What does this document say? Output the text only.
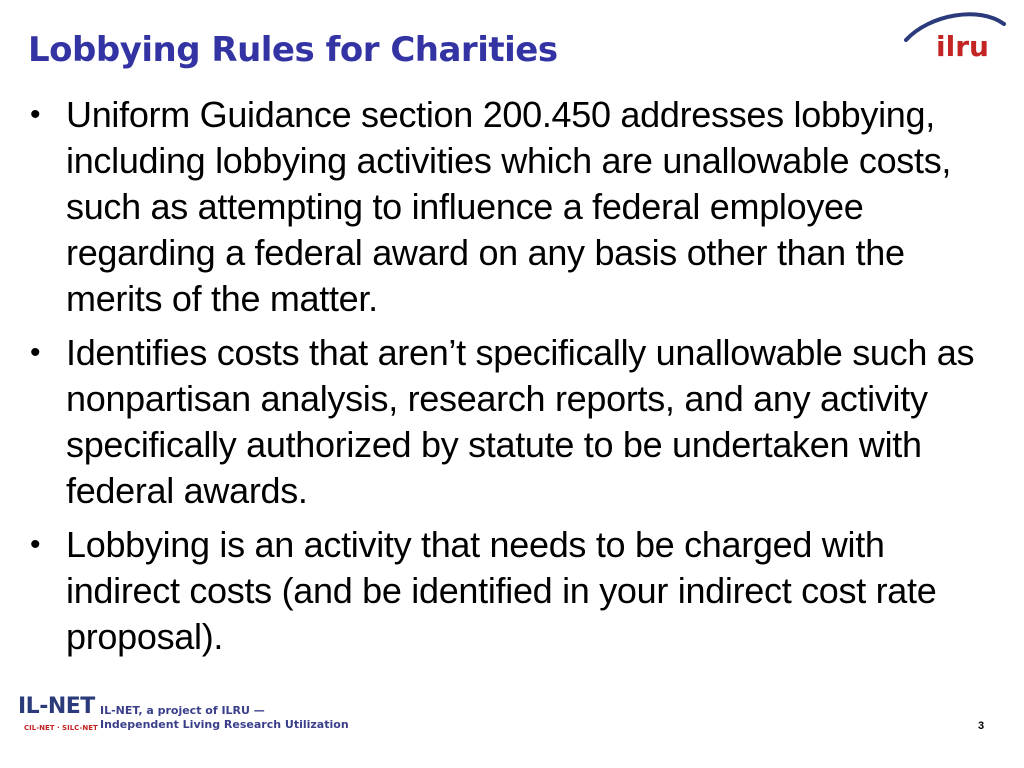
Lobbying Rules for Charities	ilru
• Uniform Guidance section 200.450 addresses lobbying, including lobbying activities which are unallowable costs, such as attempting to influence a federal employee regarding a federal award on any basis other than the merits of the matter.
• Identifies costs that aren’t specifically unallowable such as nonpartisan analysis, research reports, and any activity specifically authorized by statute to be undertaken with federal awards.
• Lobbying is an activity that needs to be charged with indirect costs (and be identified in your indirect cost rate proposal).
IL-NET
CIL-NET · SILC-NET
IL-NET, a project of ILRU —
Independent Living Research Utilization	3
